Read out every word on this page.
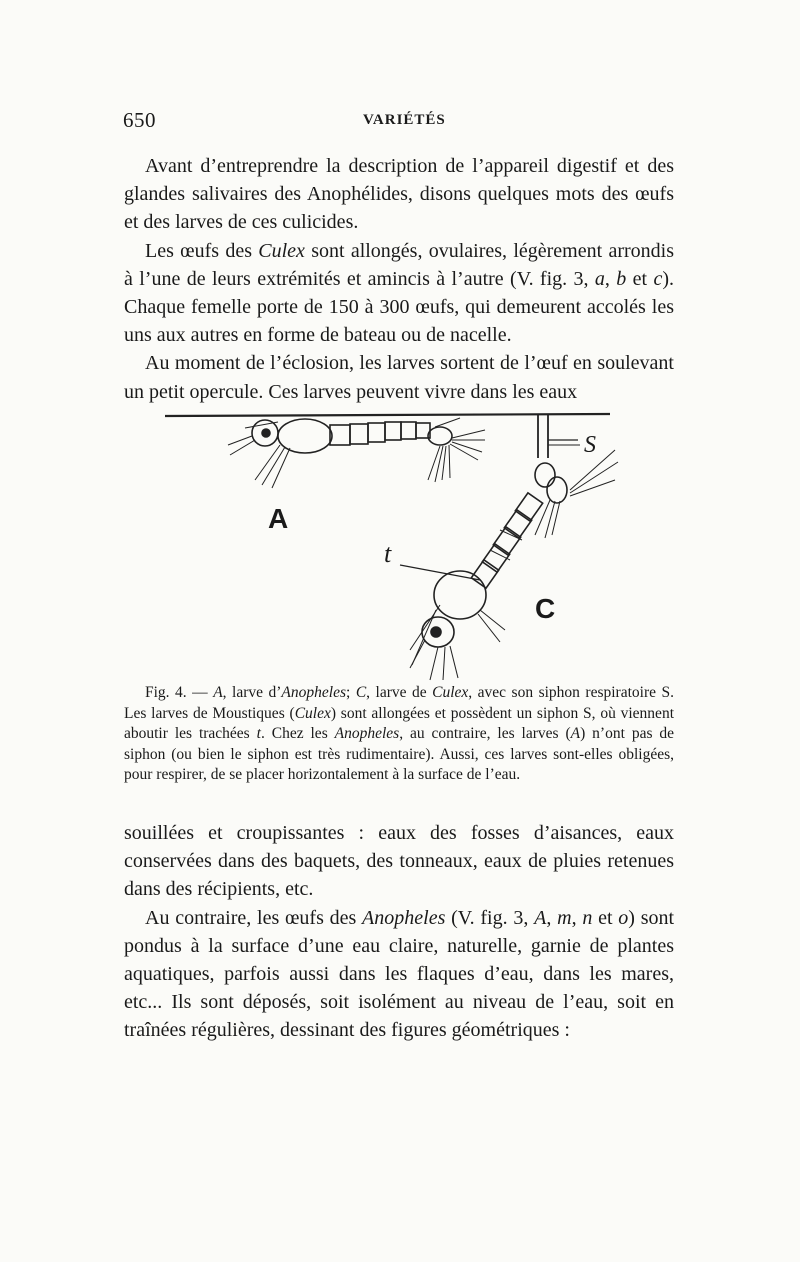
650	VARIÉTÉS

Avant d’entreprendre la description de l’appareil digestif et des glandes salivaires des Anophélides, disons quelques mots des œufs et des larves de ces culicides.

Les œufs des Culex sont allongés, ovulaires, légèrement arrondis à l’une de leurs extrémités et amincis à l’autre (V. fig. 3, a, b et c). Chaque femelle porte de 150 à 300 œufs, qui demeurent accolés les uns aux autres en forme de bateau ou de nacelle.

Au moment de l’éclosion, les larves sortent de l’œuf en soulevant un petit opercule. Ces larves peuvent vivre dans les eaux

A
C
S
t

Fig. 4. — A, larve d’Anopheles; C, larve de Culex, avec son siphon respiratoire S. Les larves de Moustiques (Culex) sont allongées et possèdent un siphon S, où viennent aboutir les trachées t. Chez les Anopheles, au contraire, les larves (A) n’ont pas de siphon (ou bien le siphon est très rudimentaire). Aussi, ces larves sont-elles obligées, pour respirer, de se placer horizontalement à la surface de l’eau.

souillées et croupissantes : eaux des fosses d’aisances, eaux conservées dans des baquets, des tonneaux, eaux de pluies retenues dans des récipients, etc.

Au contraire, les œufs des Anopheles (V. fig. 3, A, m, n et o) sont pondus à la surface d’une eau claire, naturelle, garnie de plantes aquatiques, parfois aussi dans les flaques d’eau, dans les mares, etc... Ils sont déposés, soit isolément au niveau de l’eau, soit en traînées régulières, dessinant des figures géométriques :
